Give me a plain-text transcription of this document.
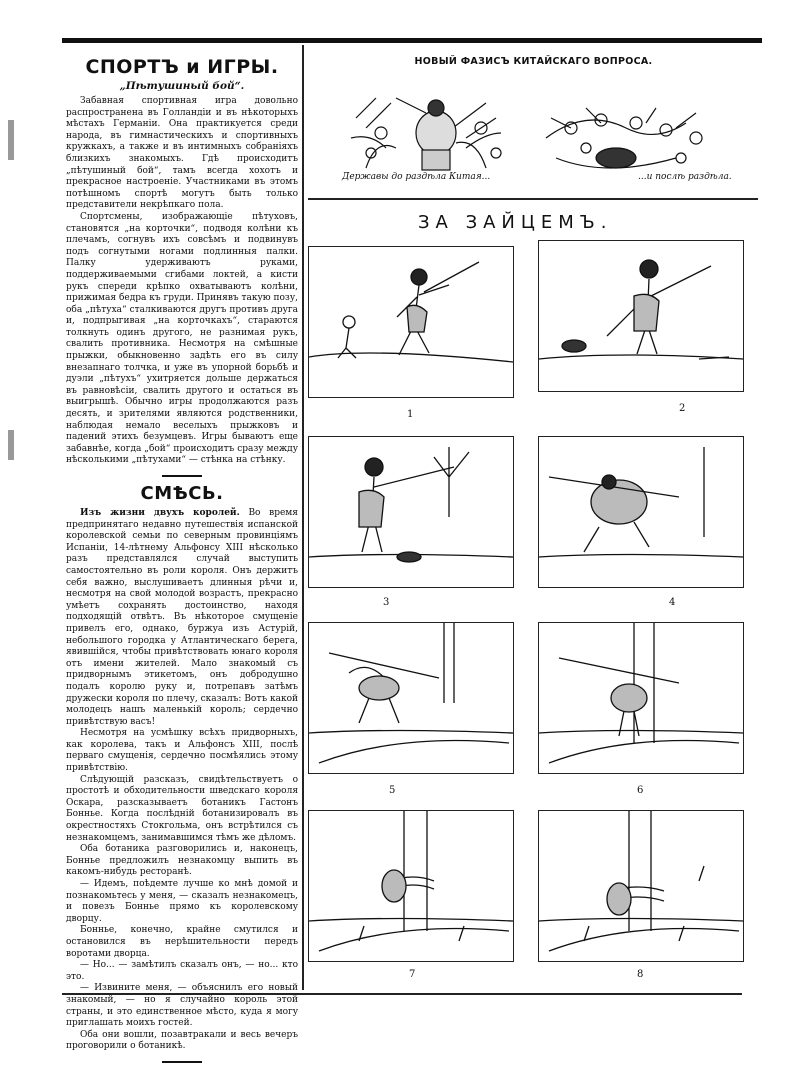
СПОРТЪ и ИГРЫ.
„Пѣтушиный бой“.

Забавная спортивная игра довольно распространена въ Голландіи и въ нѣкоторыхъ мѣстахъ Германіи. Она практикуется среди народа, въ гимнастическихъ и спортивныхъ кружкахъ, а также и въ интимныхъ собраніяхъ близкихъ знакомыхъ. Гдѣ происходитъ „пѣтушиный бой“, тамъ всегда хохотъ и прекрасное настроеніе. Участниками въ этомъ потѣшномъ спортѣ могутъ быть только представители некрѣпкаго пола.

Спортсмены, изображающіе пѣтуховъ, становятся „на корточки“, подводя колѣни къ плечамъ, согнувъ ихъ совсѣмъ и подвинувъ подъ согнутыми ногами подлинныя палки. Палку удерживаютъ руками, поддерживаемыми сгибами локтей, а кисти рукъ спереди крѣпко охватываютъ колѣни, прижимая бедра къ груди. Принявъ такую позу, оба „пѣтуха“ сталкиваются другъ противъ друга и, подпрыгивая „на корточкахъ“, стараются толкнуть одинъ другого, не разнимая рукъ, свалить противника. Несмотря на смѣшные прыжки, обыкновенно задѣть его въ силу внезапнаго толчка, и уже въ упорной борьбѣ и дуэли „пѣтухъ“ ухитряется дольше держаться въ равновѣсіи, свалить другого и остаться въ выигрышѣ. Обычно игры продолжаются разъ десять, и зрителями являются родственники, наблюдая немало веселыхъ прыжковъ и падений этихъ безумцевъ. Игры бываютъ еще забавнѣе, когда „бой“ происходитъ сразу между нѣсколькими „пѣтухами“ — стѣнка на стѣнку.

СМѢСЬ.

Изъ жизни двухъ королей. Во время предпринятаго недавно путешествія испанской королевской семьи по северным провинціямъ Испаніи, 14-лѣтнему Альфонсу XIII нѣсколько разъ представлялся случай выступить самостоятельно въ роли короля. Онъ держитъ себя важно, выслушиваетъ длинныя рѣчи и, несмотря на свой молодой возрастъ, прекрасно умѣетъ сохранять достоинство, находя подходящій отвѣтъ. Въ нѣкоторое смущеніе привелъ его, однако, буржуа изъ Астурій, небольшого городка у Атлантическаго берега, явившійся, чтобы привѣтствовать юнаго короля отъ имени жителей. Мало знакомый съ придворнымъ этикетомъ, онъ добродушно подалъ королю руку и, потрепавъ затѣмъ дружески короля по плечу, сказалъ: Вотъ какой молодецъ нашъ маленькій король; сердечно привѣтствую васъ!

Несмотря на усмѣшку всѣхъ придворныхъ, как королева, такъ и Альфонсъ XIII, послѣ перваго смущенія, сердечно посмѣялись этому привѣтствію.

Слѣдующій разсказъ, свидѣтельствуетъ о простотѣ и обходительности шведскаго короля Оскара, разсказываетъ ботаникъ Гастонъ Боннье. Когда послѣдній ботанизировалъ въ окрестностяхъ Стокгольма, онъ встрѣтился съ незнакомцемъ, занимавшимся тѣмъ же дѣломъ.

Оба ботаника разговорились и, наконецъ, Боннье предложилъ незнакомцу выпить въ какомъ-нибудь ресторанѣ.

— Идемъ, поѣдемте лучше ко мнѣ домой и познакомьтесь у меня, — сказалъ незнакомецъ, и повезъ Боннье прямо къ королевскому дворцу.

Боннье, конечно, крайне смутился и остановился въ нерѣшительности передъ воротами дворца.

— Но... — замѣтилъ сказалъ онъ, — но... кто это.

— Извините меня, — объяснилъ его новый знакомый, — но я случайно король этой страны, и это единственное мѣсто, куда я могу приглашать моихъ гостей.

Оба они вошли, позавтракали и весь вечеръ проговорили о ботаникѣ.

НОВЫЙ ФАЗИСЪ КИТАЙСКАГО ВОПРОСА.
Державы до раздѣла Китая...	...и послѣ раздѣла.
ЗА ЗАЙЦЕМЪ.
1
2
3	4
5	6
7	8
